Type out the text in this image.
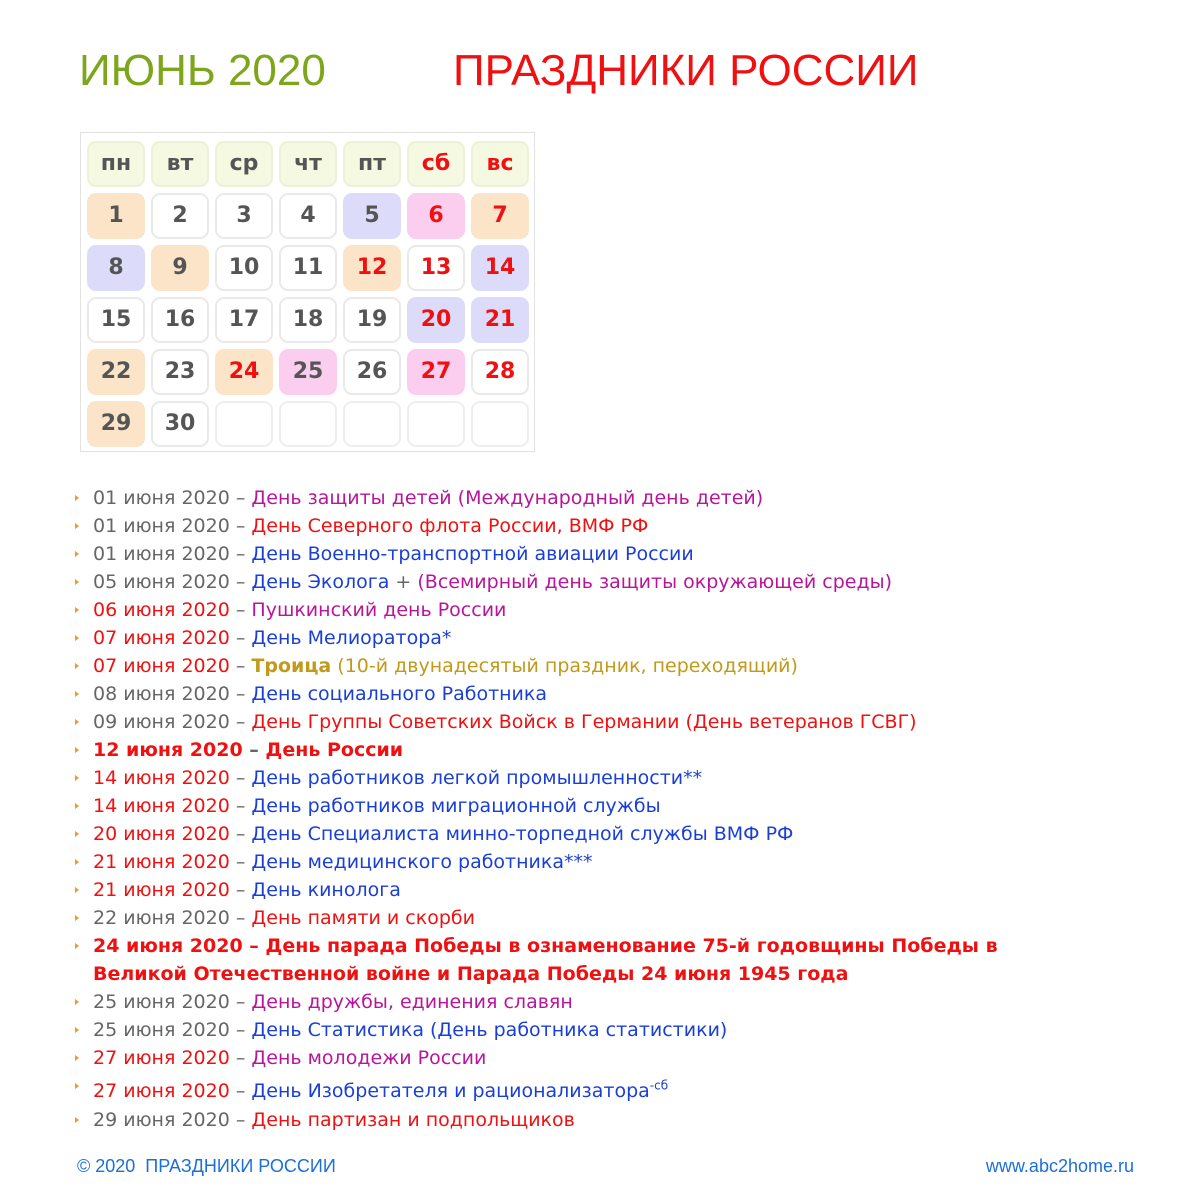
ИЮНЬ 2020	ПРАЗДНИКИ РОССИИ
пн	вт	ср	чт	пт	сб	вс
1	2	3	4	5	6	7
8	9	10	11	12	13	14
15	16	17	18	19	20	21
22	23	24	25	26	27	28
29	30
01 июня 2020 – День защиты детей (Международный день детей)
01 июня 2020 – День Северного флота России, ВМФ РФ
01 июня 2020 – День Военно-транспортной авиации России
05 июня 2020 – День Эколога + (Всемирный день защиты окружающей среды)
06 июня 2020 – Пушкинский день России
07 июня 2020 – День Мелиоратора*
07 июня 2020 – Троица (10-й двунадесятый праздник, переходящий)
08 июня 2020 – День социального Работника
09 июня 2020 – День Группы Советских Войск в Германии (День ветеранов ГСВГ)
12 июня 2020 – День России
14 июня 2020 – День работников легкой промышленности**
14 июня 2020 – День работников миграционной службы
20 июня 2020 – День Специалиста минно-торпедной службы ВМФ РФ
21 июня 2020 – День медицинского работника***
21 июня 2020 – День кинолога
22 июня 2020 – День памяти и скорби
24 июня 2020 – День парада Победы в ознаменование 75-й годовщины Победы в Великой Отечественной войне и Парада Победы 24 июня 1945 года
25 июня 2020 – День дружбы, единения славян
25 июня 2020 – День Статистика (День работника статистики)
27 июня 2020 – День молодежи России
27 июня 2020 – День Изобретателя и рационализатора$^{-сб}$
29 июня 2020 – День партизан и подпольщиков
© 2020  ПРАЗДНИКИ РОССИИ	www.abc2home.ru
